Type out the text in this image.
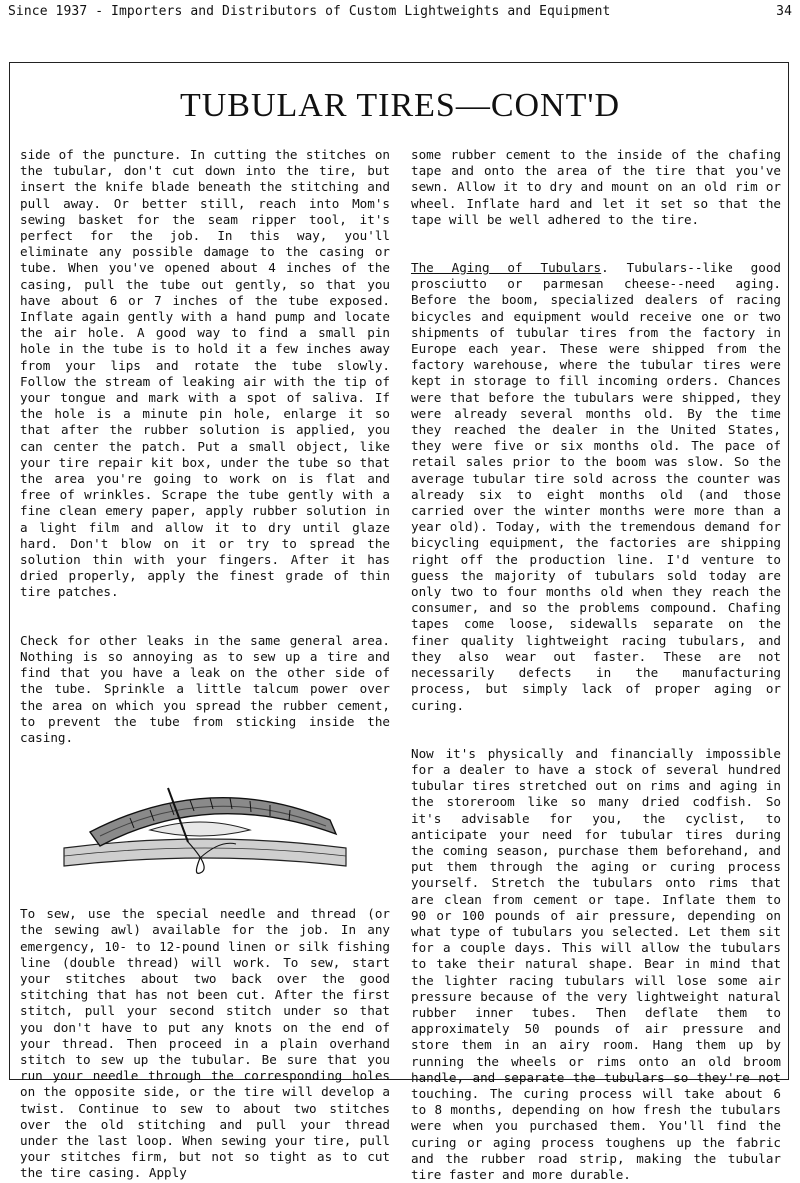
Since 1937 - Importers and Distributors of Custom Lightweights and Equipment	34
TUBULAR TIRES—CONT'D

side of the puncture. In cutting the stitches on the tubular, don't cut down into the tire, but insert the knife blade beneath the stitching and pull away. Or better still, reach into Mom's sewing basket for the seam ripper tool, it's perfect for the job. In this way, you'll eliminate any possible damage to the casing or tube. When you've opened about 4 inches of the casing, pull the tube out gently, so that you have about 6 or 7 inches of the tube exposed. Inflate again gently with a hand pump and locate the air hole. A good way to find a small pin hole in the tube is to hold it a few inches away from your lips and rotate the tube slowly. Follow the stream of leaking air with the tip of your tongue and mark with a spot of saliva. If the hole is a minute pin hole, enlarge it so that after the rubber solution is applied, you can center the patch. Put a small object, like your tire repair kit box, under the tube so that the area you're going to work on is flat and free of wrinkles. Scrape the tube gently with a fine clean emery paper, apply rubber solution in a light film and allow it to dry until glaze hard. Don't blow on it or try to spread the solution thin with your fingers. After it has dried properly, apply the finest grade of thin tire patches.

Check for other leaks in the same general area. Nothing is so annoying as to sew up a tire and find that you have a leak on the other side of the tube. Sprinkle a little talcum power over the area on which you spread the rubber cement, to prevent the tube from sticking inside the casing.

To sew, use the special needle and thread (or the sewing awl) available for the job. In any emergency, 10- to 12-pound linen or silk fishing line (double thread) will work. To sew, start your stitches about two back over the good stitching that has not been cut. After the first stitch, pull your second stitch under so that you don't have to put any knots on the end of your thread. Then proceed in a plain overhand stitch to sew up the tubular. Be sure that you run your needle through the corresponding holes on the opposite side, or the tire will develop a twist. Continue to sew to about two stitches over the old stitching and pull your thread under the last loop. When sewing your tire, pull your stitches firm, but not so tight as to cut the tire casing. Apply

some rubber cement to the inside of the chafing tape and onto the area of the tire that you've sewn. Allow it to dry and mount on an old rim or wheel. Inflate hard and let it set so that the tape will be well adhered to the tire.

The Aging of Tubulars. Tubulars--like good prosciutto or parmesan cheese--need aging. Before the boom, specialized dealers of racing bicycles and equipment would receive one or two shipments of tubular tires from the factory in Europe each year. These were shipped from the factory warehouse, where the tubular tires were kept in storage to fill incoming orders. Chances were that before the tubulars were shipped, they were already several months old. By the time they reached the dealer in the United States, they were five or six months old. The pace of retail sales prior to the boom was slow. So the average tubular tire sold across the counter was already six to eight months old (and those carried over the winter months were more than a year old). Today, with the tremendous demand for bicycling equipment, the factories are shipping right off the production line. I'd venture to guess the majority of tubulars sold today are only two to four months old when they reach the consumer, and so the problems compound. Chafing tapes come loose, sidewalls separate on the finer quality lightweight racing tubulars, and they also wear out faster. These are not necessarily defects in the manufacturing process, but simply lack of proper aging or curing.

Now it's physically and financially impossible for a dealer to have a stock of several hundred tubular tires stretched out on rims and aging in the storeroom like so many dried codfish. So it's advisable for you, the cyclist, to anticipate your need for tubular tires during the coming season, purchase them beforehand, and put them through the aging or curing process yourself. Stretch the tubulars onto rims that are clean from cement or tape. Inflate them to 90 or 100 pounds of air pressure, depending on what type of tubulars you selected. Let them sit for a couple days. This will allow the tubulars to take their natural shape. Bear in mind that the lighter racing tubulars will lose some air pressure because of the very lightweight natural rubber inner tubes. Then deflate them to approximately 50 pounds of air pressure and store them in an airy room. Hang them up by running the wheels or rims onto an old broom handle, and separate the tubulars so they're not touching. The curing process will take about 6 to 8 months, depending on how fresh the tubulars were when you purchased them. You'll find the curing or aging process toughens up the fabric and the rubber road strip, making the tubular tire faster and more durable.
